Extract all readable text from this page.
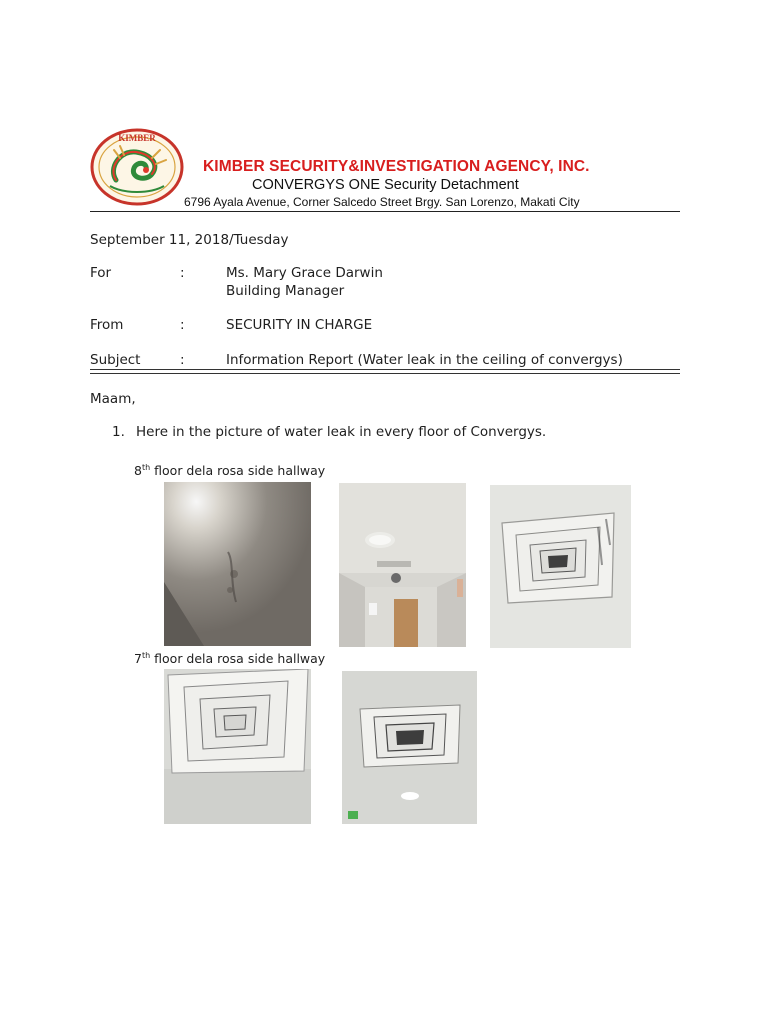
KIMBER
KIMBER SECURITY&INVESTIGATION AGENCY, INC.
CONVERGYS ONE Security Detachment
6796 Ayala Avenue, Corner Salcedo Street Brgy. San Lorenzo, Makati City
September 11, 2018/Tuesday
For	:	Ms. Mary Grace Darwin
Building Manager
From	:	SECURITY IN CHARGE
Subject	:	Information Report (Water leak in the ceiling of convergys)
Maam,
1. Here in the picture of water leak in every floor of Convergys.
8th floor dela rosa side hallway
7th floor dela rosa side hallway
